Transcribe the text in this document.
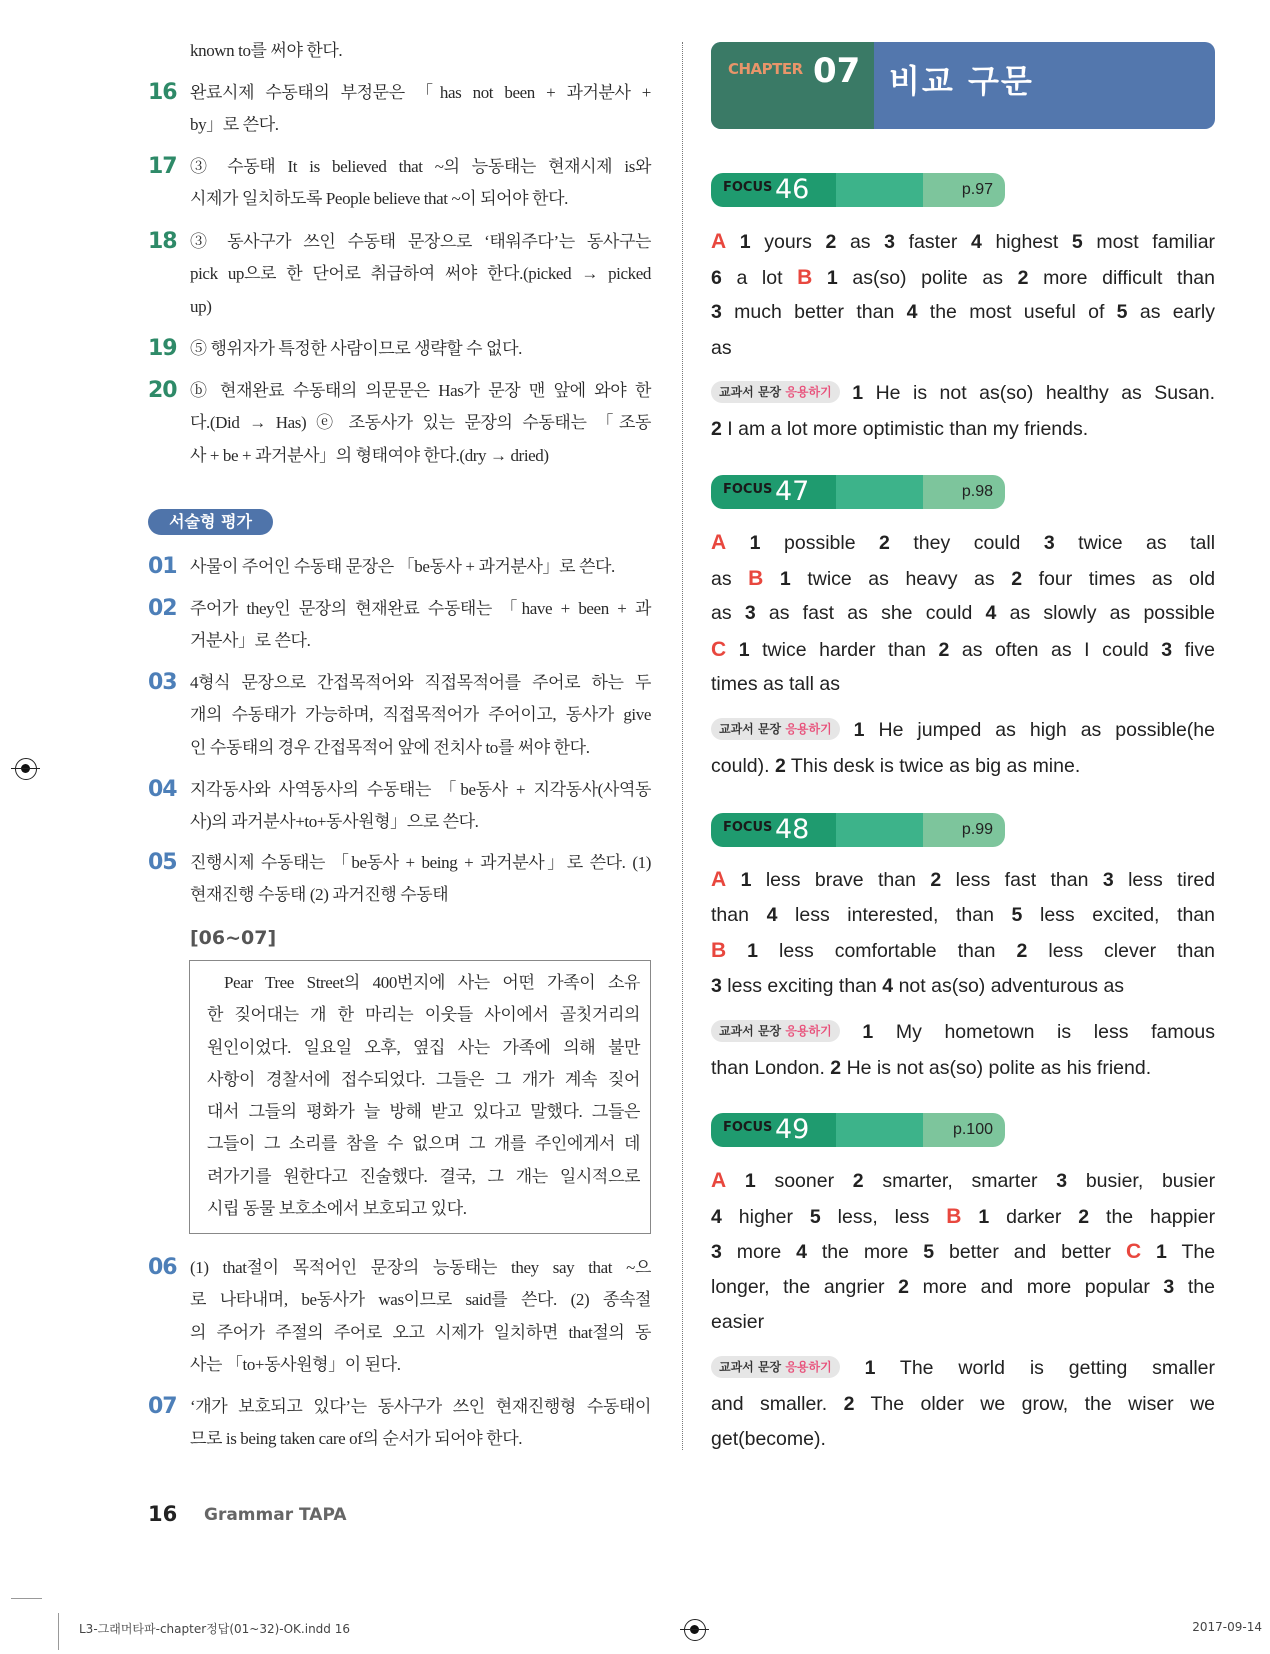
known to를 써야 한다.
16 완료시제 수동태의 부정문은 「has not been + 과거분사 +
by」로 쓴다.
17 ③ 수동태 It is believed that ~의 능동태는 현재시제 is와
시제가 일치하도록 People believe that ~이 되어야 한다.
18 ③ 동사구가 쓰인 수동태 문장으로 ‘태워주다’는 동사구는
pick up으로 한 단어로 취급하여 써야 한다.(picked → picked
up)
19 ⑤ 행위자가 특정한 사람이므로 생략할 수 없다.
20 ⓑ 현재완료 수동태의 의문문은 Has가 문장 맨 앞에 와야 한
다.(Did → Has) ⓔ 조동사가 있는 문장의 수동태는 「조동
사 + be + 과거분사」의 형태여야 한다.(dry → dried)
01 사물이 주어인 수동태 문장은 「be동사 + 과거분사」로 쓴다.
02 주어가 they인 문장의 현재완료 수동태는 「have + been + 과
거분사」로 쓴다.
03 4형식 문장으로 간접목적어와 직접목적어를 주어로 하는 두
개의 수동태가 가능하며, 직접목적어가 주어이고, 동사가 give
인 수동태의 경우 간접목적어 앞에 전치사 to를 써야 한다.
04 지각동사와 사역동사의 수동태는 「be동사 + 지각동사(사역동
사)의 과거분사+to+동사원형」으로 쓴다.
05 진행시제 수동태는 「be동사 + being + 과거분사」로 쓴다. (1)
현재진행 수동태 (2) 과거진행 수동태
06 (1) that절이 목적어인 문장의 능동태는 they say that ~으
로 나타내며, be동사가 was이므로 said를 쓴다. (2) 종속절
의 주어가 주절의 주어로 오고 시제가 일치하면 that절의 동
사는 「to+동사원형」이 된다.
07 ‘개가 보호되고 있다’는 동사구가 쓰인 현재진행형 수동태이
므로 is being taken care of의 순서가 되어야 한다.
서술형 평가
[06~07]
Pear Tree Street의 400번지에 사는 어떤 가족이 소유
한 짖어대는 개 한 마리는 이웃들 사이에서 골칫거리의
원인이었다. 일요일 오후, 옆집 사는 가족에 의해 불만
사항이 경찰서에 접수되었다. 그들은 그 개가 계속 짖어
대서 그들의 평화가 늘 방해 받고 있다고 말했다. 그들은
그들이 그 소리를 참을 수 없으며 그 개를 주인에게서 데
려가기를 원한다고 진술했다. 결국, 그 개는 일시적으로
시립 동물 보호소에서 보호되고 있다.
CHAPTER 07 비교 구문
FOCUS 46	p.97
A 1 yours 2 as 3 faster 4 highest 5 most familiar
6 a lot B 1 as(so) polite as 2 more difficult than
3 much better than 4 the most useful of 5 as early
as
교과서 문장 응용하기 1 He is not as(so) healthy as Susan.
2 I am a lot more optimistic than my friends.
FOCUS 47	p.98
A 1 possible 2 they could 3 twice as tall
as B 1 twice as heavy as 2 four times as old
as 3 as fast as she could 4 as slowly as possible
C 1 twice harder than 2 as often as I could 3 five
times as tall as
교과서 문장 응용하기 1 He jumped as high as possible(he
could). 2 This desk is twice as big as mine.
FOCUS 48	p.99
A 1 less brave than 2 less fast than 3 less tired
than 4 less interested, than 5 less excited, than
B 1 less comfortable than 2 less clever than
3 less exciting than 4 not as(so) adventurous as
교과서 문장 응용하기 1 My hometown is less famous
than London. 2 He is not as(so) polite as his friend.
FOCUS 49	p.100
A 1 sooner 2 smarter, smarter 3 busier, busier
4 higher 5 less, less B 1 darker 2 the happier
3 more 4 the more 5 better and better C 1 The
longer, the angrier 2 more and more popular 3 the
easier
교과서 문장 응용하기 1 The world is getting smaller
and smaller. 2 The older we grow, the wiser we
get(become).
16 Grammar TAPA
L3-그래머타파-chapter정답(01~32)-OK.indd 16	2017-09-14
